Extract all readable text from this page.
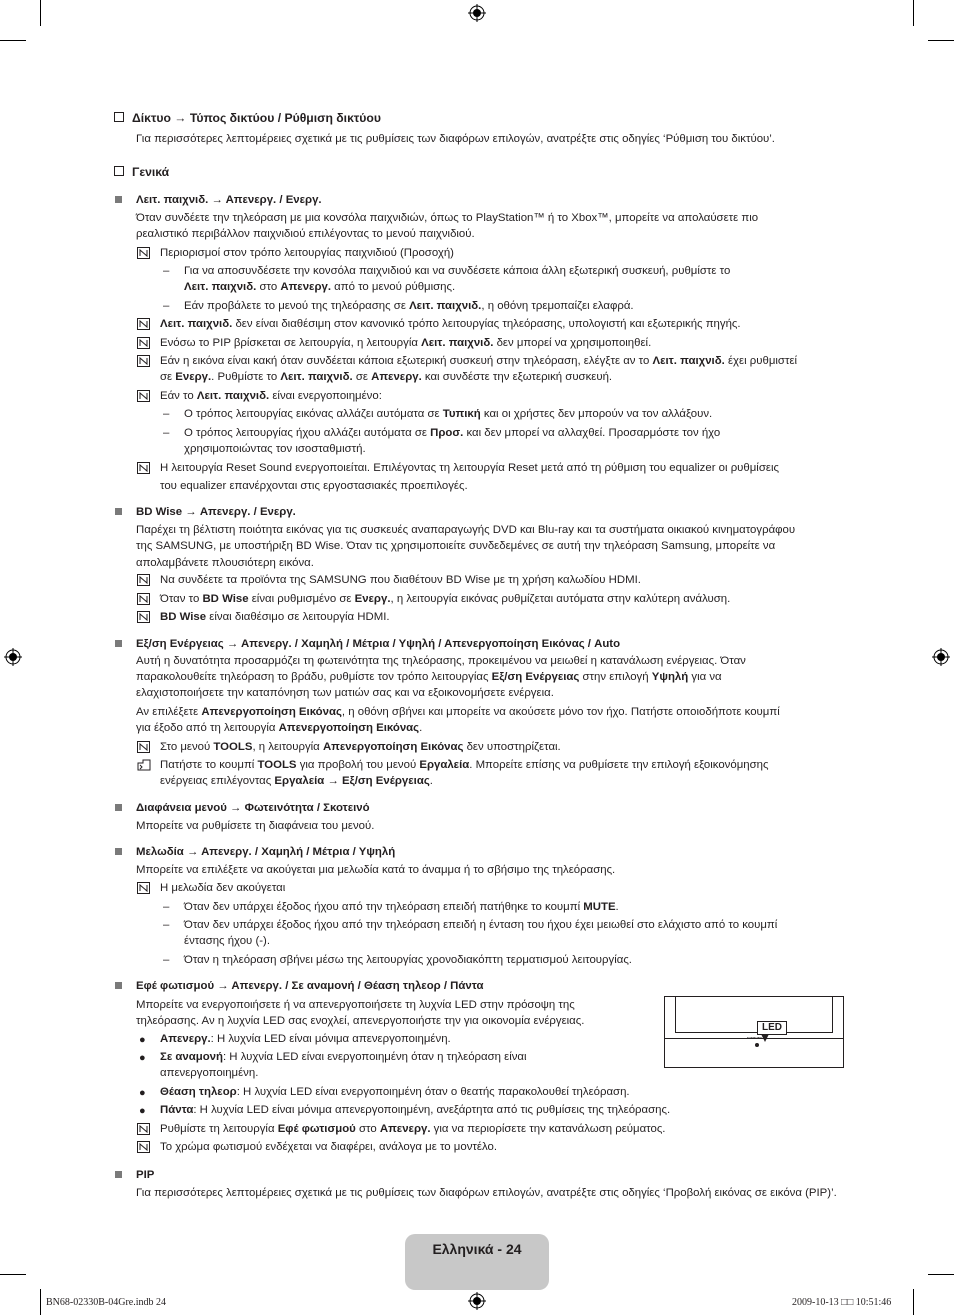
Δίκτυο → Τύπος δικτύου / Ρύθμιση δικτύου
Για περισσότερες λεπτομέρειες σχετικά με τις ρυθμίσεις των διαφόρων επιλογών, ανατρέξτε στις οδηγίες ‘Ρύθμιση του δικτύου’.
Γενικά
Λειτ. παιχνιδ. → Απενεργ. / Ενεργ.
Όταν συνδέετε την τηλεόραση με μια κονσόλα παιχνιδιών, όπως το PlayStation™ ή το Xbox™, μπορείτε να απολαύσετε πιο
ρεαλιστικό περιβάλλον παιχνιδιού επιλέγοντας το μενού παιχνιδιού.
Περιορισμοί στον τρόπο λειτουργίας παιχνιδιού (Προσοχή)
– Για να αποσυνδέσετε την κονσόλα παιχνιδιού και να συνδέσετε κάποια άλλη εξωτερική συσκευή, ρυθμίστε το
Λειτ. παιχνιδ. στο Απενεργ. από το μενού ρύθμισης.
– Εάν προβάλετε το μενού της τηλεόρασης σε Λειτ. παιχνιδ., η οθόνη τρεμοπαίζει ελαφρά.
Λειτ. παιχνιδ. δεν είναι διαθέσιμη στον κανονικό τρόπο λειτουργίας τηλεόρασης, υπολογιστή και εξωτερικής πηγής.
Ενόσω το PIP βρίσκεται σε λειτουργία, η λειτουργία Λειτ. παιχνιδ. δεν μπορεί να χρησιμοποιηθεί.
Εάν η εικόνα είναι κακή όταν συνδέεται κάποια εξωτερική συσκευή στην τηλεόραση, ελέγξτε αν το Λειτ. παιχνιδ. έχει ρυθμιστεί
σε Ενεργ.. Ρυθμίστε το Λειτ. παιχνιδ. σε Απενεργ. και συνδέστε την εξωτερική συσκευή.
Εάν το Λειτ. παιχνιδ. είναι ενεργοποιημένο:
– Ο τρόπος λειτουργίας εικόνας αλλάζει αυτόματα σε Τυπική και οι χρήστες δεν μπορούν να τον αλλάξουν.
– Ο τρόπος λειτουργίας ήχου αλλάζει αυτόματα σε Προσ. και δεν μπορεί να αλλαχθεί. Προσαρμόστε τον ήχο
χρησιμοποιώντας τον ισοσταθμιστή.
Η λειτουργία Reset Sound ενεργοποιείται. Επιλέγοντας τη λειτουργία Reset μετά από τη ρύθμιση του equalizer οι ρυθμίσεις
του equalizer επανέρχονται στις εργοστασιακές προεπιλογές.
BD Wise → Απενεργ. / Ενεργ.
Παρέχει τη βέλτιστη ποιότητα εικόνας για τις συσκευές αναπαραγωγής DVD και Blu-ray και τα συστήματα οικιακού κινηματογράφου
της SAMSUNG, με υποστήριξη BD Wise. Όταν τις χρησιμοποιείτε συνδεδεμένες σε αυτή την τηλεόραση Samsung, μπορείτε να
απολαμβάνετε πλουσιότερη εικόνα.
Να συνδέετε τα προϊόντα της SAMSUNG που διαθέτουν BD Wise με τη χρήση καλωδίου HDMI.
Όταν το BD Wise είναι ρυθμισμένο σε Ενεργ., η λειτουργία εικόνας ρυθμίζεται αυτόματα στην καλύτερη ανάλυση.
BD Wise είναι διαθέσιμο σε λειτουργία HDMI.
Εξ/ση Ενέργειας → Απενεργ. / Χαμηλή / Μέτρια / Υψηλή / Απενεργοποίηση Εικόνας / Auto
Αυτή η δυνατότητα προσαρμόζει τη φωτεινότητα της τηλεόρασης, προκειμένου να μειωθεί η κατανάλωση ενέργειας. Όταν
παρακολουθείτε τηλεόραση το βράδυ, ρυθμίστε τον τρόπο λειτουργίας Εξ/ση Ενέργειας στην επιλογή Υψηλή για να
ελαχιστοποιήσετε την καταπόνηση των ματιών σας και να εξοικονομήσετε ενέργεια.
Αν επιλέξετε Απενεργοποίηση Εικόνας, η οθόνη σβήνει και μπορείτε να ακούσετε μόνο τον ήχο. Πατήστε οποιοδήποτε κουμπί
για έξοδο από τη λειτουργία Απενεργοποίηση Εικόνας.
Στο μενού TOOLS, η λειτουργία Απενεργοποίηση Εικόνας δεν υποστηρίζεται.
Πατήστε το κουμπί TOOLS για προβολή του μενού Εργαλεία. Μπορείτε επίσης να ρυθμίσετε την επιλογή εξοικονόμησης
ενέργειας επιλέγοντας Εργαλεία → Εξ/ση Ενέργειας.
Διαφάνεια μενού → Φωτεινότητα / Σκοτεινό
Μπορείτε να ρυθμίσετε τη διαφάνεια του μενού.
Μελωδία → Απενεργ. / Χαμηλή / Μέτρια / Υψηλή
Μπορείτε να επιλέξετε να ακούγεται μια μελωδία κατά το άναμμα ή το σβήσιμο της τηλεόρασης.
Η μελωδία δεν ακούγεται
– Όταν δεν υπάρχει έξοδος ήχου από την τηλεόραση επειδή πατήθηκε το κουμπί MUTE.
– Όταν δεν υπάρχει έξοδος ήχου από την τηλεόραση επειδή η ένταση του ήχου έχει μειωθεί στο ελάχιστο από το κουμπί
έντασης ήχου (-).
– Όταν η τηλεόραση σβήνει μέσω της λειτουργίας χρονοδιακόπτη τερματισμού λειτουργίας.
Εφέ φωτισμού → Απενεργ. / Σε αναμονή / Θέαση τηλεορ / Πάντα
Μπορείτε να ενεργοποιήσετε ή να απενεργοποιήσετε τη λυχνία LED στην πρόσοψη της
τηλεόρασης. Αν η λυχνία LED σας ενοχλεί, απενεργοποιήστε την για οικονομία ενέργειας.
LED
SAMSUNG
● Απενεργ.: Η λυχνία LED είναι μόνιμα απενεργοποιημένη.
● Σε αναμονή: Η λυχνία LED είναι ενεργοποιημένη όταν η τηλεόραση είναι
απενεργοποιημένη.
● Θέαση τηλεορ: Η λυχνία LED είναι ενεργοποιημένη όταν ο θεατής παρακολουθεί τηλεόραση.
● Πάντα: Η λυχνία LED είναι μόνιμα απενεργοποιημένη, ανεξάρτητα από τις ρυθμίσεις της τηλεόρασης.
Ρυθμίστε τη λειτουργία Εφέ φωτισμού στο Απενεργ. για να περιορίσετε την κατανάλωση ρεύματος.
Το χρώμα φωτισμού ενδέχεται να διαφέρει, ανάλογα με το μοντέλο.
PIP
Για περισσότερες λεπτομέρειες σχετικά με τις ρυθμίσεις των διαφόρων επιλογών, ανατρέξτε στις οδηγίες ‘Προβολή εικόνας σε εικόνα (PIP)’.
Ελληνικά - 24
BN68-02330B-04Gre.indb 24	2009-10-13 □□ 10:51:46
